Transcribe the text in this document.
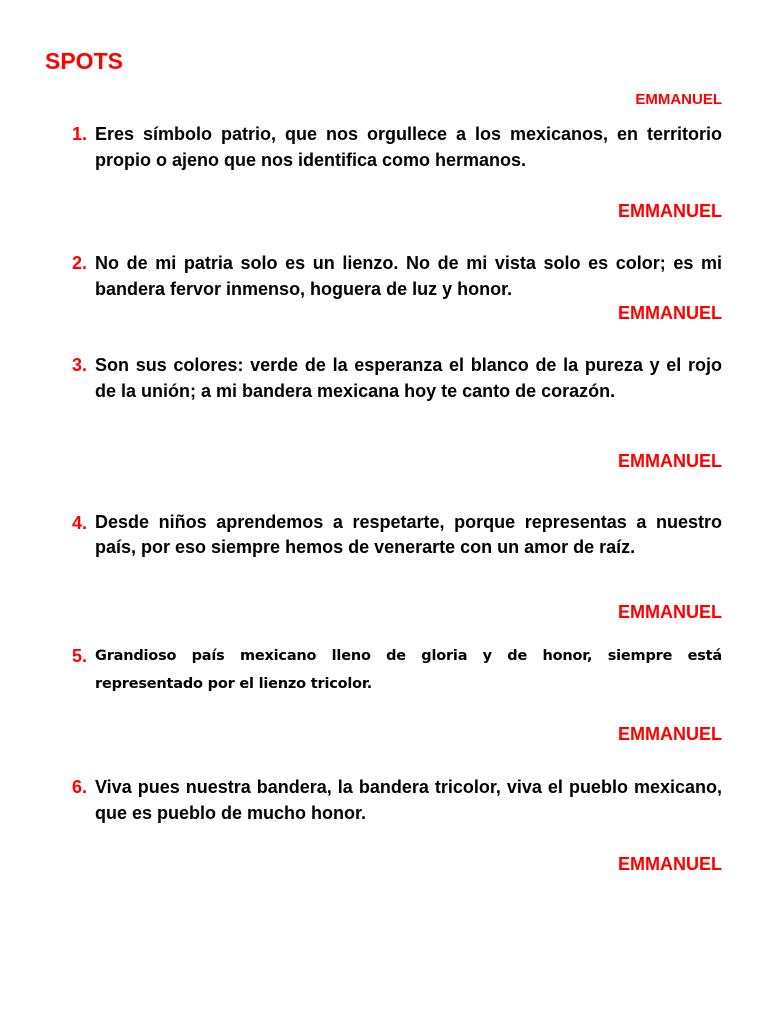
SPOTS
EMMANUEL
1. Eres símbolo patrio, que nos orgullece a los mexicanos, en territorio propio o ajeno que nos identifica como hermanos.
EMMANUEL
2. No de mi patria solo es un lienzo. No de mi vista solo es color; es mi bandera fervor inmenso, hoguera de luz y honor.
EMMANUEL
3. Son sus colores: verde de la esperanza el blanco de la pureza y el rojo de la unión; a mi bandera mexicana hoy te canto de corazón.
EMMANUEL
4. Desde niños aprendemos a respetarte, porque representas a nuestro país, por eso siempre hemos de venerarte con un amor de raíz.
EMMANUEL
5. Grandioso país mexicano lleno de gloria y de honor, siempre está representado por el lienzo tricolor.
EMMANUEL
6. Viva pues nuestra bandera, la bandera tricolor, viva el pueblo mexicano, que es pueblo de mucho honor.
EMMANUEL
